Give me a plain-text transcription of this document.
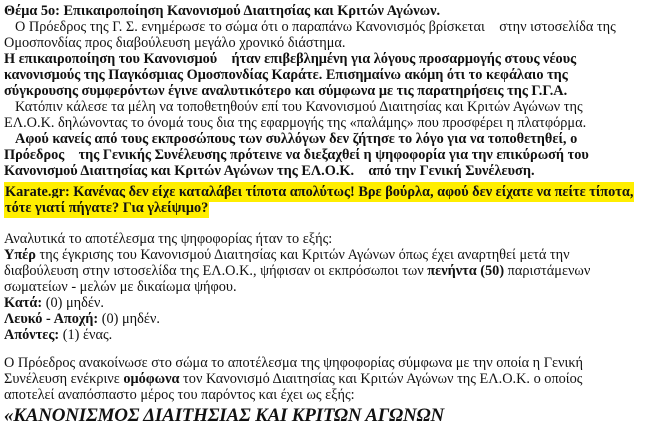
Θέμα 5ο: Επικαιροποίηση Κανονισμού Διαιτησίας και Κριτών Αγώνων.

Ο Πρόεδρος της Γ. Σ. ενημέρωσε το σώμα ότι ο παραπάνω Κανονισμός βρίσκεται    στην ιστοσελίδα της Ομοσπονδίας προς διαβούλευση μεγάλο χρονικό διάστημα.

Η επικαιροποίηση του Κανονισμού    ήταν επιβεβλημένη για λόγους προσαρμογής στους νέους κανονισμούς της Παγκόσμιας Ομοσπονδίας Καράτε. Επισημαίνω ακόμη ότι το κεφάλαιο της σύγκρουσης συμφερόντων έγινε αναλυτικότερο και σύμφωνα με τις παρατηρήσεις της Γ.Γ.Α.

Κατόπιν κάλεσε τα μέλη να τοποθετηθούν επί του Κανονισμού Διαιτησίας και Κριτών Αγώνων της ΕΛ.Ο.Κ. δηλώνοντας το όνομά τους δια της εφαρμογής της «παλάμης» που προσφέρει η πλατφόρμα.

Αφού κανείς από τους εκπροσώπους των συλλόγων δεν ζήτησε το λόγο για να τοποθετηθεί, ο Πρόεδρος    της Γενικής Συνέλευσης πρότεινε να διεξαχθεί η ψηφοφορία για την επικύρωσή του Κανονισμού Διαιτησίας και Κριτών Αγώνων της ΕΛ.Ο.Κ.    από την Γενική Συνέλευση.

Karate.gr: Κανένας δεν είχε καταλάβει τίποτα απολύτως! Βρε βούρλα, αφού δεν είχατε να πείτε τίποτα, τότε γιατί πήγατε? Για γλείψιμο?

Αναλυτικά το αποτέλεσμα της ψηφοφορίας ήταν το εξής:

Υπέρ της έγκρισης του Κανονισμού Διαιτησίας και Κριτών Αγώνων όπως έχει αναρτηθεί μετά την διαβούλευση στην ιστοσελίδα της ΕΛ.Ο.Κ., ψήφισαν οι εκπρόσωποι των πενήντα (50) παριστάμενων σωματείων - μελών με δικαίωμα ψήφου.

Κατά: (0) μηδέν.

Λευκό - Αποχή: (0) μηδέν.

Απόντες: (1) ένας.

Ο Πρόεδρος ανακοίνωσε στο σώμα το αποτέλεσμα της ψηφοφορίας σύμφωνα με την οποία η Γενική Συνέλευση ενέκρινε ομόφωνα τον Κανονισμό Διαιτησίας και Κριτών Αγώνων της ΕΛ.Ο.Κ. ο οποίος αποτελεί αναπόσπαστο μέρος του παρόντος και έχει ως εξής:

«ΚΑΝΟΝΙΣΜΟΣ ΔΙΑΙΤΗΣΙΑΣ ΚΑΙ ΚΡΙΤΩΝ ΑΓΩΝΩΝ
